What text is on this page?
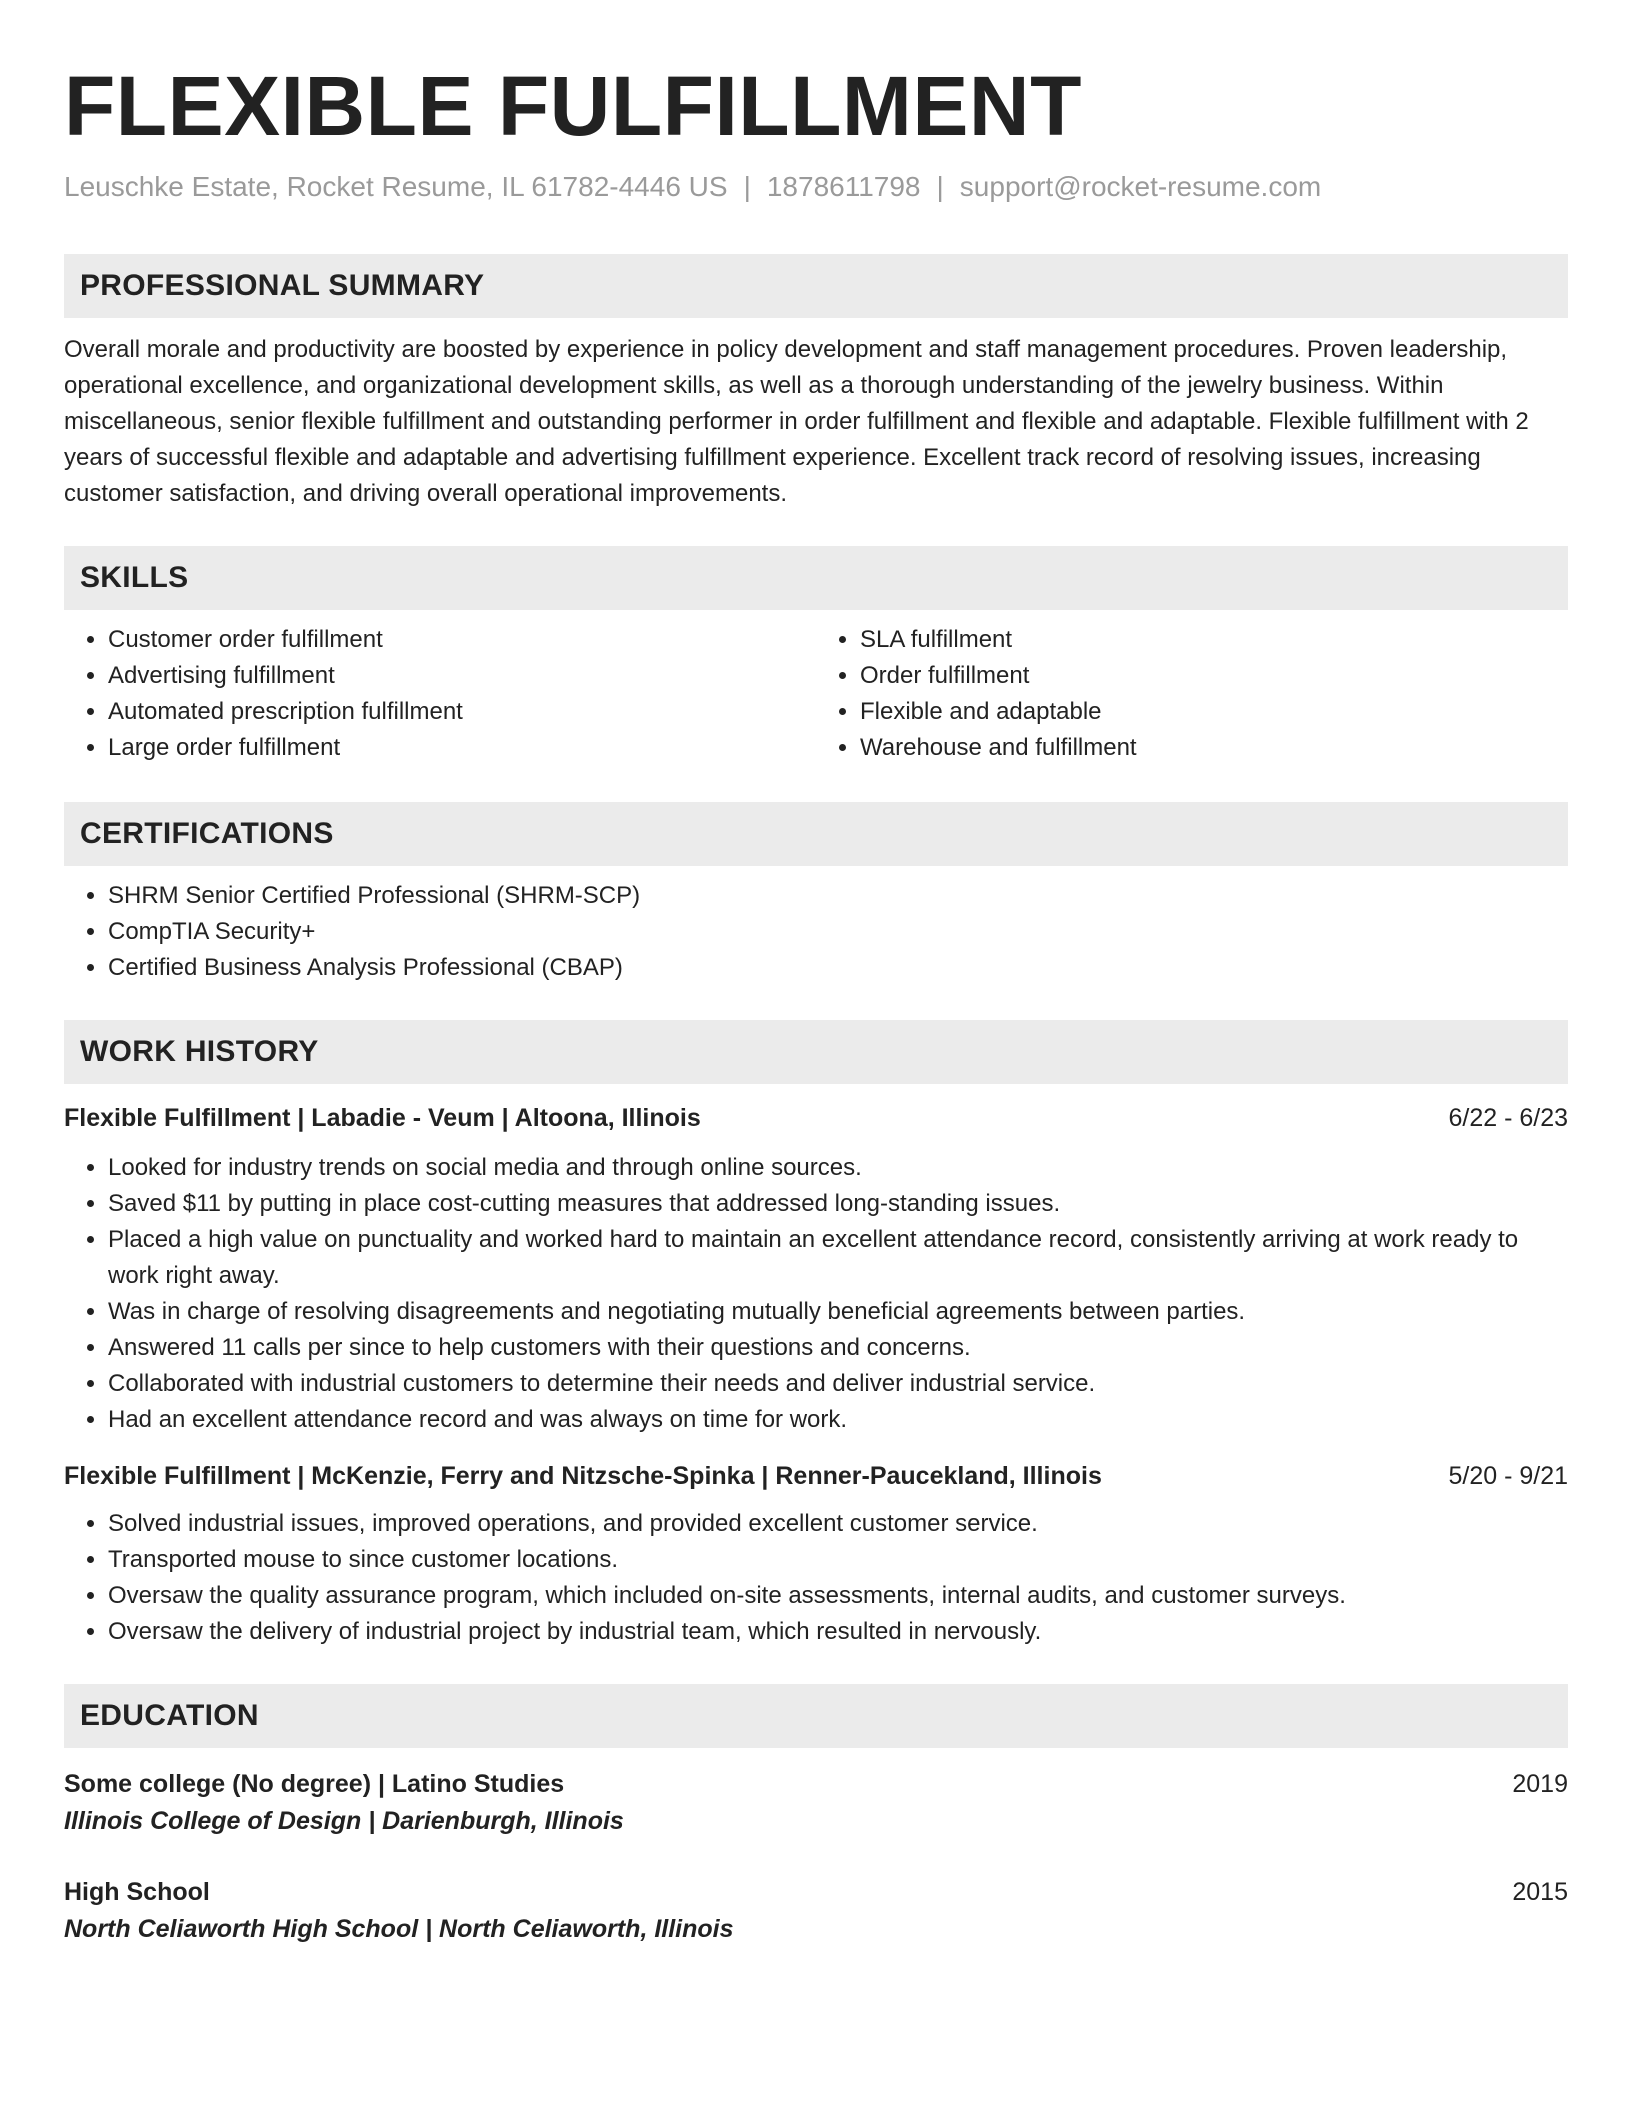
FLEXIBLE FULFILLMENT
Leuschke Estate, Rocket Resume, IL 61782-4446 US | 1878611798 | support@rocket-resume.com
PROFESSIONAL SUMMARY

Overall morale and productivity are boosted by experience in policy development and staff management procedures. Proven leadership, operational excellence, and organizational development skills, as well as a thorough understanding of the jewelry business. Within miscellaneous, senior flexible fulfillment and outstanding performer in order fulfillment and flexible and adaptable. Flexible fulfillment with 2 years of successful flexible and adaptable and advertising fulfillment experience. Excellent track record of resolving issues, increasing customer satisfaction, and driving overall operational improvements.

SKILLS
• Customer order fulfillment
• Advertising fulfillment
• Automated prescription fulfillment
• Large order fulfillment
• SLA fulfillment
• Order fulfillment
• Flexible and adaptable
• Warehouse and fulfillment
CERTIFICATIONS
• SHRM Senior Certified Professional (SHRM-SCP)
• CompTIA Security+
• Certified Business Analysis Professional (CBAP)
WORK HISTORY
Flexible Fulfillment | Labadie - Veum | Altoona, Illinois	6/22 - 6/23
• Looked for industry trends on social media and through online sources.
• Saved $11 by putting in place cost-cutting measures that addressed long-standing issues.
• Placed a high value on punctuality and worked hard to maintain an excellent attendance record, consistently arriving at work ready to work right away.
• Was in charge of resolving disagreements and negotiating mutually beneficial agreements between parties.
• Answered 11 calls per since to help customers with their questions and concerns.
• Collaborated with industrial customers to determine their needs and deliver industrial service.
• Had an excellent attendance record and was always on time for work.
Flexible Fulfillment | McKenzie, Ferry and Nitzsche-Spinka | Renner-Paucekland, Illinois	5/20 - 9/21
• Solved industrial issues, improved operations, and provided excellent customer service.
• Transported mouse to since customer locations.
• Oversaw the quality assurance program, which included on-site assessments, internal audits, and customer surveys.
• Oversaw the delivery of industrial project by industrial team, which resulted in nervously.
EDUCATION
Some college (No degree) | Latino Studies	2019
Illinois College of Design | Darienburgh, Illinois
High School	2015
North Celiaworth High School | North Celiaworth, Illinois
